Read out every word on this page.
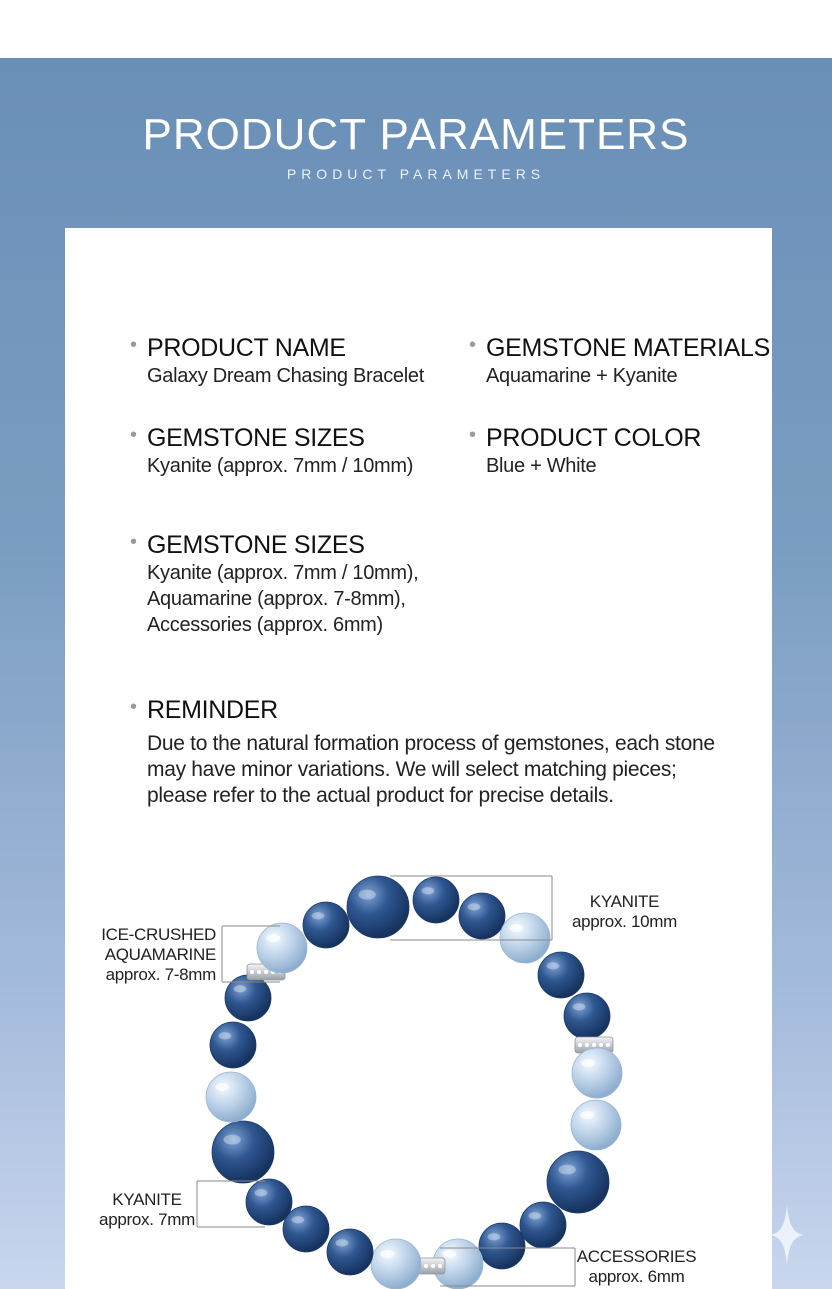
PRODUCT PARAMETERS
PRODUCT PARAMETERS
• PRODUCT NAME
Galaxy Dream Chasing Bracelet
• GEMSTONE MATERIALS
Aquamarine + Kyanite
• GEMSTONE SIZES
Kyanite (approx. 7mm / 10mm)
• PRODUCT COLOR
Blue + White
• GEMSTONE SIZES
Kyanite (approx. 7mm / 10mm),
Aquamarine (approx. 7-8mm),
Accessories (approx. 6mm)
• REMINDER
Due to the natural formation process of gemstones, each stone
may have minor variations. We will select matching pieces;
please refer to the actual product for precise details.
KYANITE
approx. 10mm
ICE-CRUSHED
AQUAMARINE
approx. 7-8mm
KYANITE
approx. 7mm
ACCESSORIES
approx. 6mm
